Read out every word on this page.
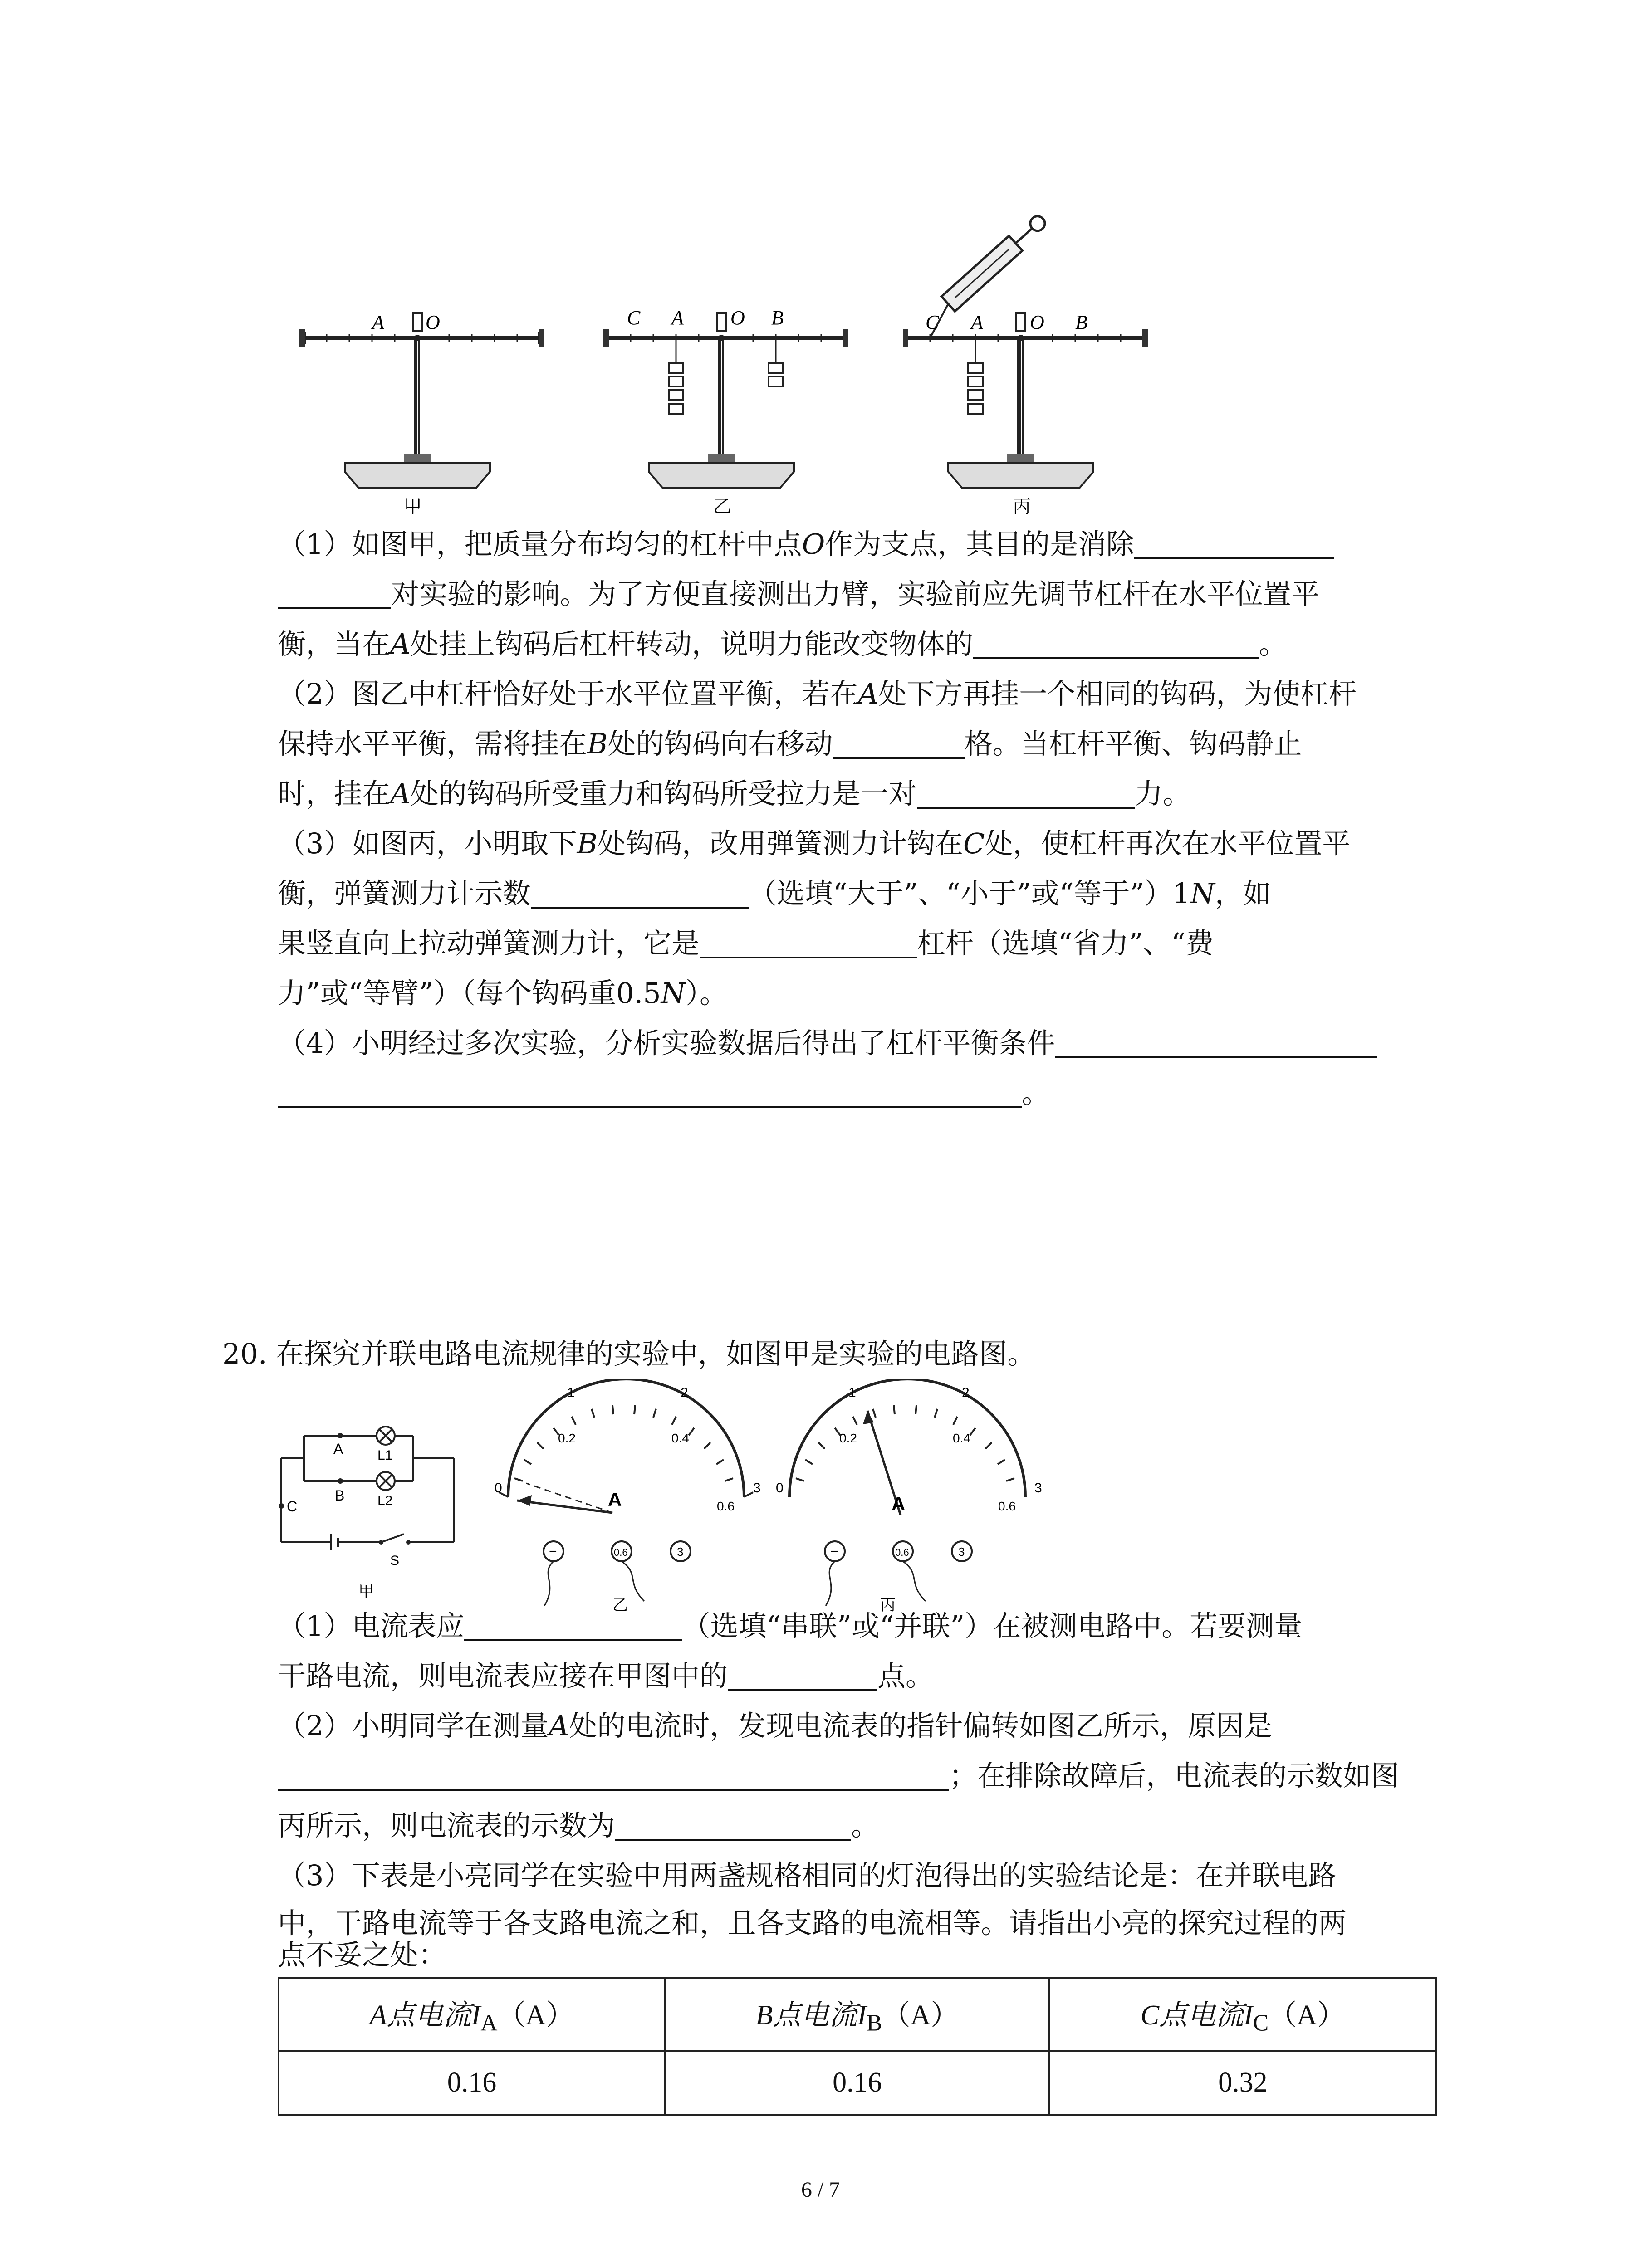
A O
甲
C A O B
乙
C A O B
丙
（1）如图甲，把质量分布均匀的杠杆中点O作为支点，其目的是消除
对实验的影响。为了方便直接测出力臂，实验前应先调节杠杆在水平位置平
衡，当在A处挂上钩码后杠杆转动，说明力能改变物体的	。
（2）图乙中杠杆恰好处于水平位置平衡，若在A处下方再挂一个相同的钩码，为使杠杆
保持水平平衡，需将挂在B处的钩码向右移动	格。当杠杆平衡、钩码静止
时，挂在A处的钩码所受重力和钩码所受拉力是一对	力。
（3）如图丙，小明取下B处钩码，改用弹簧测力计钩在C处，使杠杆再次在水平位置平
衡，弹簧测力计示数	（选填“大于”、“小于”或“等于”）1N，如
果竖直向上拉动弹簧测力计，它是	杠杆（选填“省力”、“费
力”或“等臂”）（每个钩码重0.5N）。
（4）小明经过多次实验，分析实验数据后得出了杠杆平衡条件
。
20. 在探究并联电路电流规律的实验中，如图甲是实验的电路图。
A
B
C
L1
L2
S
甲
0
1	2
3
0.2	0.4
0.6
A
−	0.6	3
乙
0
1	2
3
0.2	0.4
0.6
A
−	0.6	3
丙
（1）电流表应	（选填“串联”或“并联”）在被测电路中。若要测量
干路电流，则电流表应接在甲图中的	点。
（2）小明同学在测量A处的电流时，发现电流表的指针偏转如图乙所示，原因是
；在排除故障后，电流表的示数如图
丙所示，则电流表的示数为	。
（3）下表是小亮同学在实验中用两盏规格相同的灯泡得出的实验结论是：在并联电路
中，干路电流等于各支路电流之和，且各支路的电流相等。请指出小亮的探究过程的两
点不妥之处：
A点电流$I_A(A)$	B点电流$I_B(A)$	C点电流$I_C(A)$
0.16	0.16	0.32
6 / 7
